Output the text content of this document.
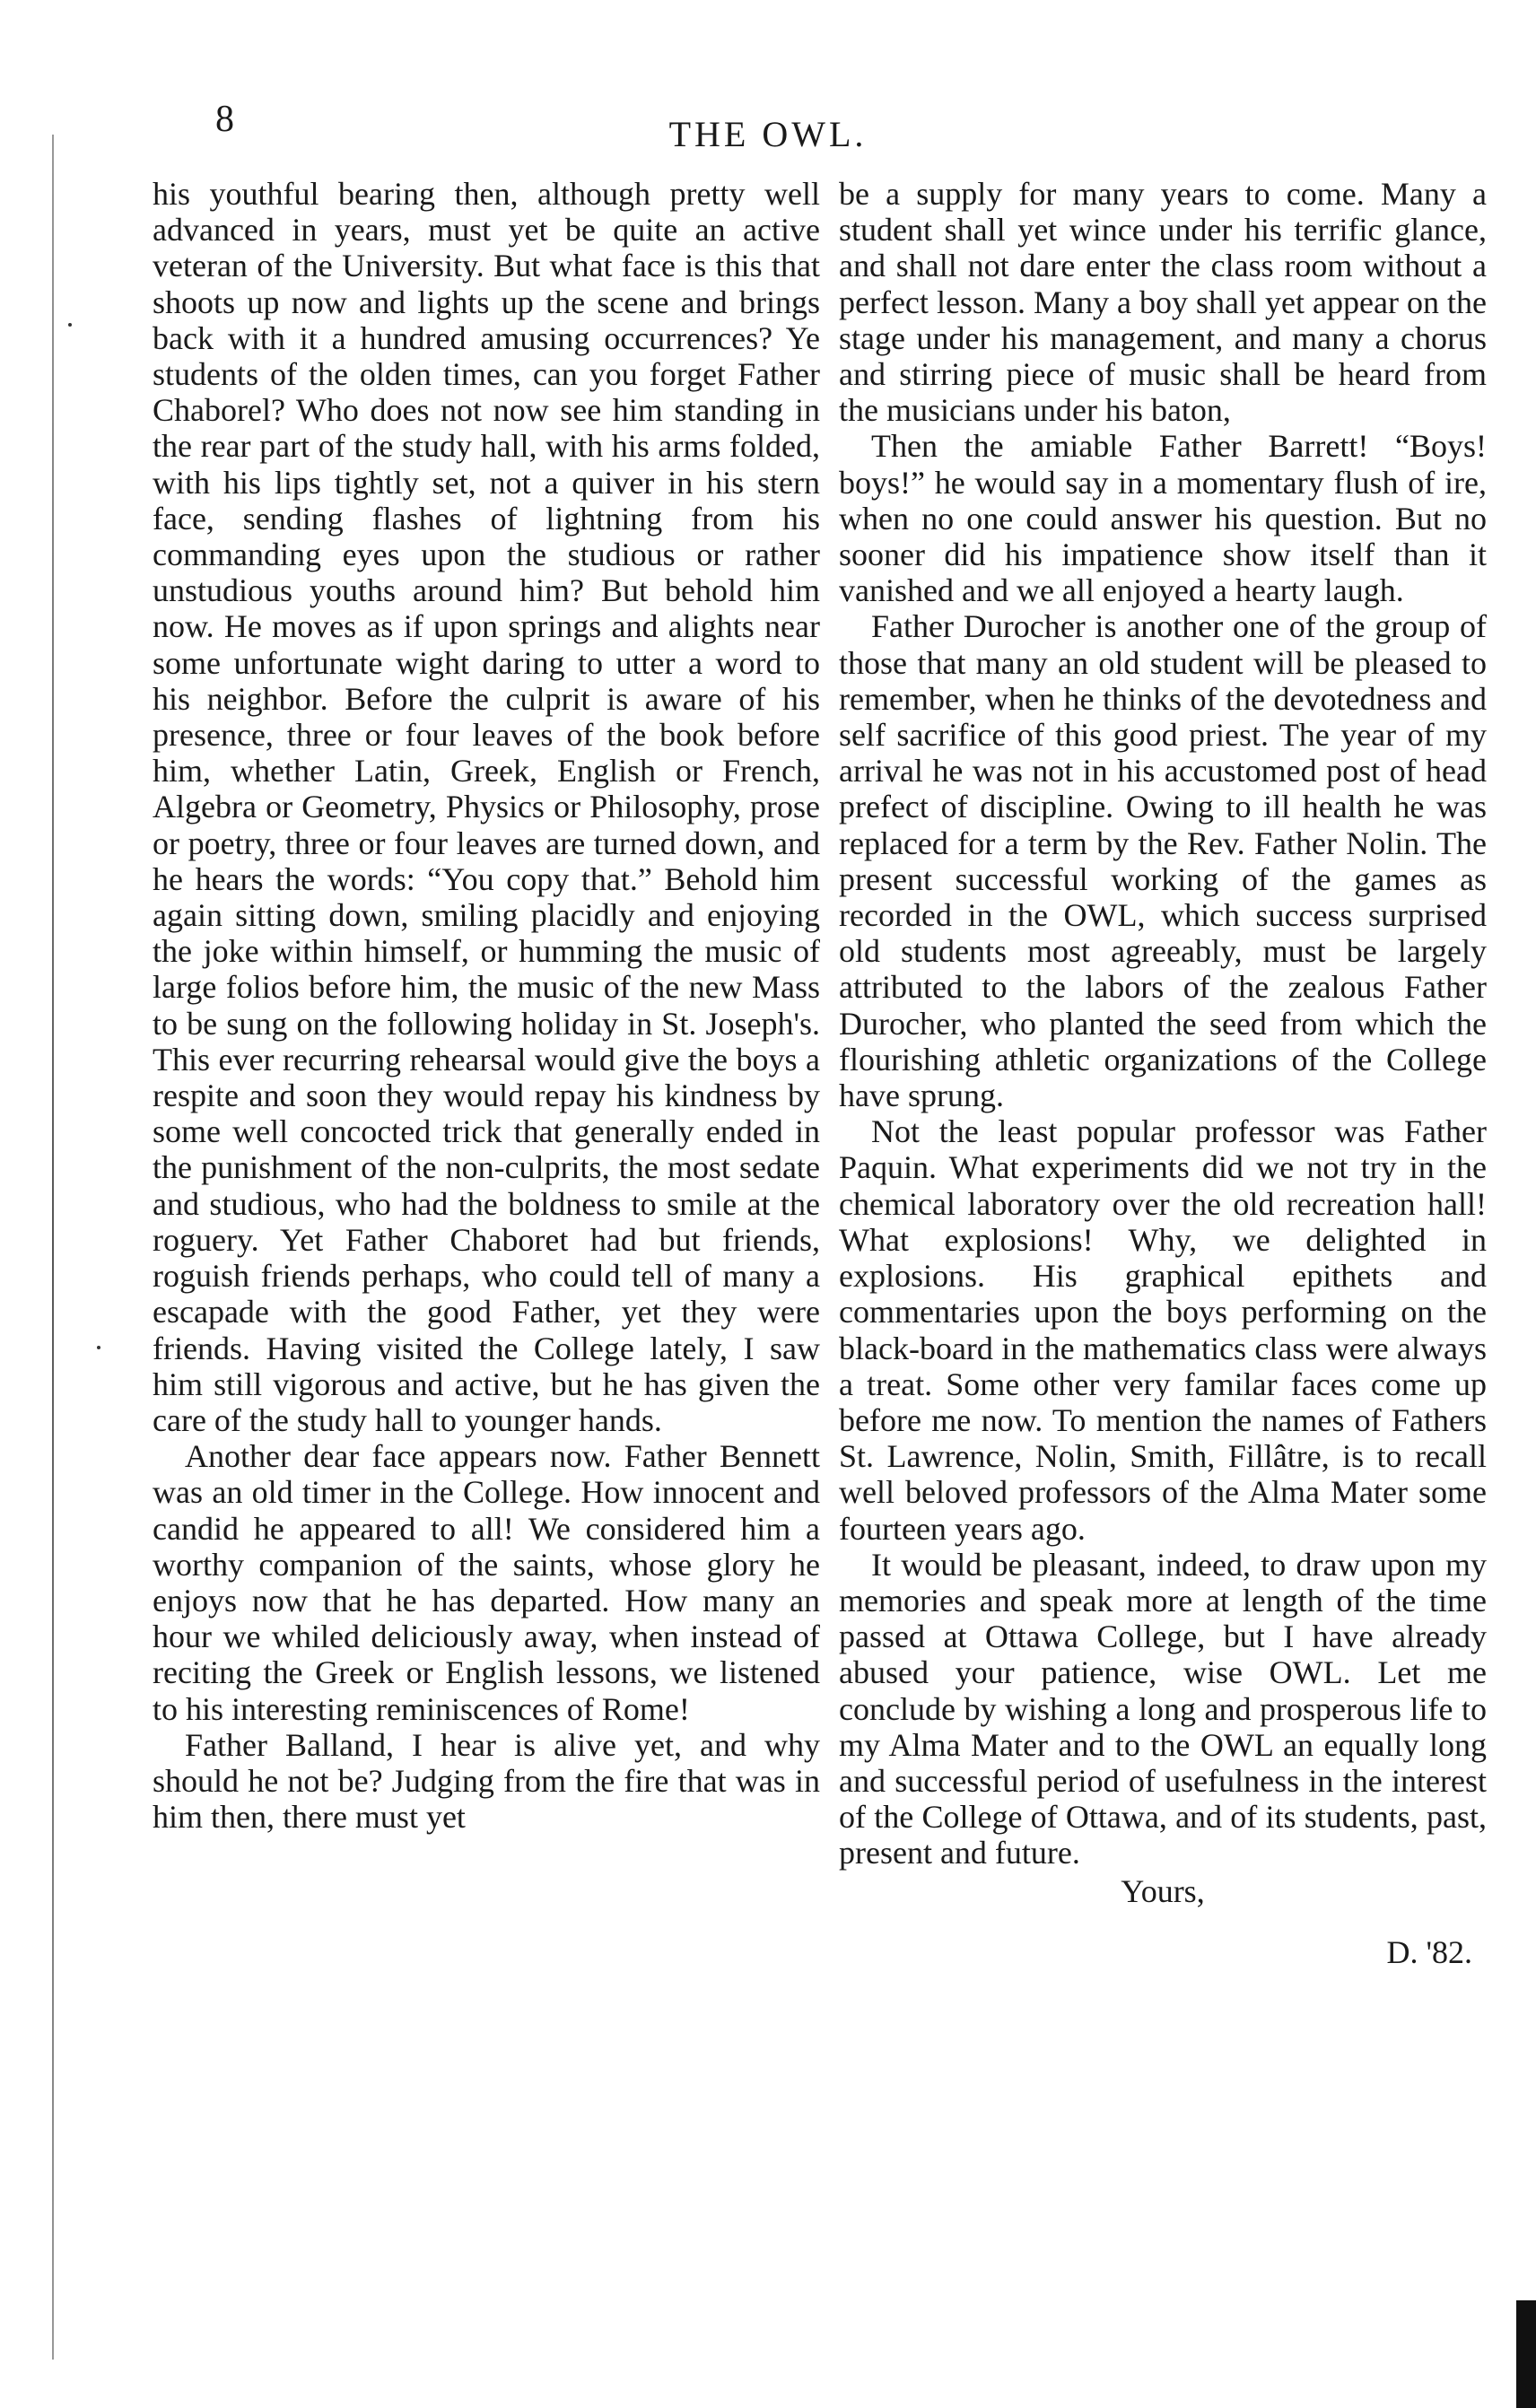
8	THE OWL.

his youthful bearing then, although pretty well advanced in years, must yet be quite an active veteran of the University. But what face is this that shoots up now and lights up the scene and brings back with it a hundred amusing occurrences? Ye students of the olden times, can you forget Father Chaborel? Who does not now see him standing in the rear part of the study hall, with his arms folded, with his lips tightly set, not a quiver in his stern face, sending flashes of lightning from his commanding eyes upon the studious or rather unstudious youths around him? But behold him now. He moves as if upon springs and alights near some unfortunate wight daring to utter a word to his neighbor. Before the culprit is aware of his presence, three or four leaves of the book before him, whether Latin, Greek, English or French, Algebra or Geometry, Physics or Philosophy, prose or poetry, three or four leaves are turned down, and he hears the words: “You copy that.” Behold him again sitting down, smiling placidly and enjoying the joke within himself, or humming the music of large folios before him, the music of the new Mass to be sung on the following holiday in St. Joseph's. This ever recurring rehearsal would give the boys a respite and soon they would repay his kindness by some well concocted trick that generally ended in the punishment of the non-culprits, the most sedate and studious, who had the boldness to smile at the roguery. Yet Father Chaboret had but friends, roguish friends perhaps, who could tell of many a escapade with the good Father, yet they were friends. Having visited the College lately, I saw him still vigorous and active, but he has given the care of the study hall to younger hands.

Another dear face appears now. Father Bennett was an old timer in the College. How innocent and candid he appeared to all! We considered him a worthy companion of the saints, whose glory he enjoys now that he has departed. How many an hour we whiled deliciously away, when instead of reciting the Greek or English lessons, we listened to his interesting reminiscences of Rome!

Father Balland, I hear is alive yet, and why should he not be? Judging from the fire that was in him then, there must yet

be a supply for many years to come. Many a student shall yet wince under his terrific glance, and shall not dare enter the class room without a perfect lesson. Many a boy shall yet appear on the stage under his management, and many a chorus and stirring piece of music shall be heard from the musicians under his baton,

Then the amiable Father Barrett! “Boys! boys!” he would say in a momentary flush of ire, when no one could answer his question. But no sooner did his impatience show itself than it vanished and we all enjoyed a hearty laugh.

Father Durocher is another one of the group of those that many an old student will be pleased to remember, when he thinks of the devotedness and self sacrifice of this good priest. The year of my arrival he was not in his accustomed post of head prefect of discipline. Owing to ill health he was replaced for a term by the Rev. Father Nolin. The present successful working of the games as recorded in the OWL, which success surprised old students most agreeably, must be largely attributed to the labors of the zealous Father Durocher, who planted the seed from which the flourishing athletic organizations of the College have sprung.

Not the least popular professor was Father Paquin. What experiments did we not try in the chemical laboratory over the old recreation hall! What explosions! Why, we delighted in explosions. His graphical epithets and commentaries upon the boys performing on the black-board in the mathematics class were always a treat. Some other very familar faces come up before me now. To mention the names of Fathers St. Lawrence, Nolin, Smith, Fillâtre, is to recall well beloved professors of the Alma Mater some fourteen years ago.

It would be pleasant, indeed, to draw upon my memories and speak more at length of the time passed at Ottawa College, but I have already abused your patience, wise OWL. Let me conclude by wishing a long and prosperous life to my Alma Mater and to the OWL an equally long and successful period of usefulness in the interest of the College of Ottawa, and of its students, past, present and future.

Yours,
D. '82.
